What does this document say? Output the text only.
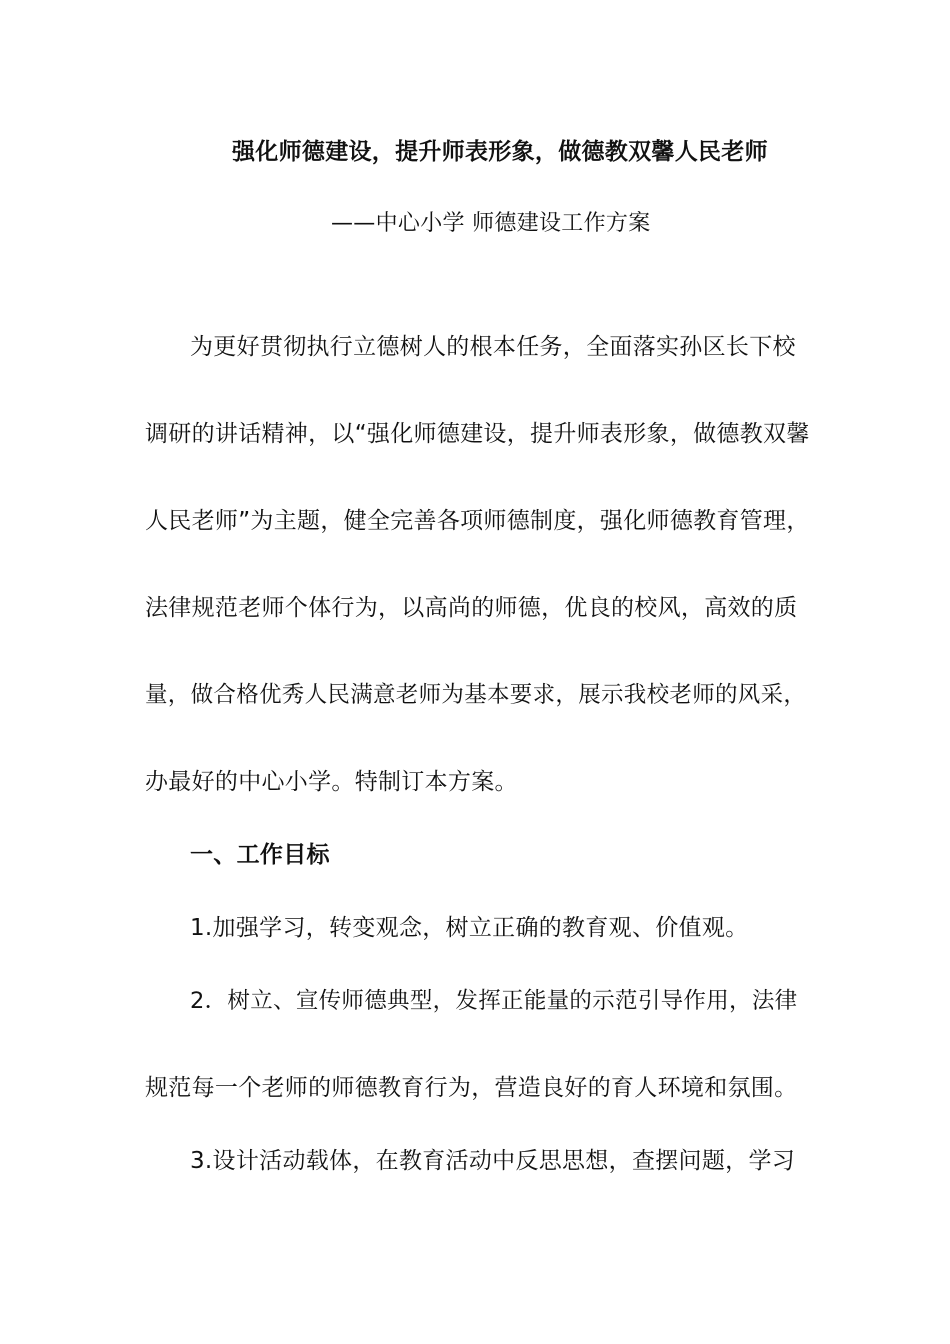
强化师德建设，提升师表形象，做德教双馨人民老师
——中心小学 师德建设工作方案
为更好贯彻执行立德树人的根本任务，全面落实孙区长下校
调研的讲话精神，以“强化师德建设，提升师表形象，做德教双馨
人民老师”为主题，健全完善各项师德制度，强化师德教育管理，
法律规范老师个体行为，以高尚的师德，优良的校风，高效的质
量，做合格优秀人民满意老师为基本要求，展示我校老师的风采，
办最好的中心小学。特制订本方案。
一、工作目标
1.加强学习，转变观念，树立正确的教育观、价值观。
2．树立、宣传师德典型，发挥正能量的示范引导作用，法律
规范每一个老师的师德教育行为，营造良好的育人环境和氛围。
3.设计活动载体，在教育活动中反思思想，查摆问题，学习
